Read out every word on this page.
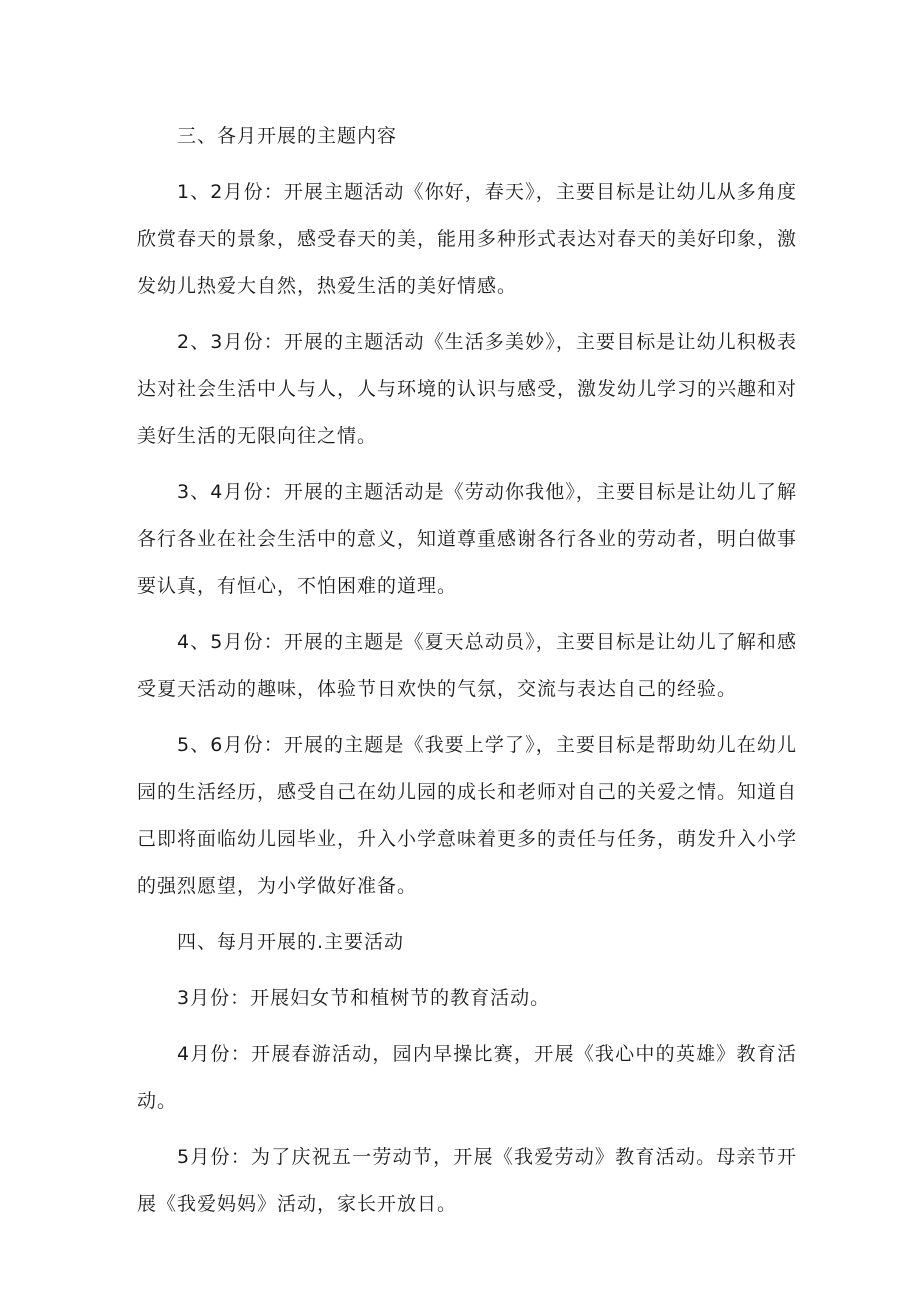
三、各月开展的主题内容

1、2月份：开展主题活动《你好，春天》，主要目标是让幼儿从多角度欣赏春天的景象，感受春天的美，能用多种形式表达对春天的美好印象，激发幼儿热爱大自然，热爱生活的美好情感。

2、3月份：开展的主题活动《生活多美妙》，主要目标是让幼儿积极表达对社会生活中人与人，人与环境的认识与感受，激发幼儿学习的兴趣和对美好生活的无限向往之情。

3、4月份：开展的主题活动是《劳动你我他》，主要目标是让幼儿了解各行各业在社会生活中的意义，知道尊重感谢各行各业的劳动者，明白做事要认真，有恒心，不怕困难的道理。

4、5月份：开展的主题是《夏天总动员》，主要目标是让幼儿了解和感受夏天活动的趣味，体验节日欢快的气氛，交流与表达自己的经验。

5、6月份：开展的主题是《我要上学了》，主要目标是帮助幼儿在幼儿园的生活经历，感受自己在幼儿园的成长和老师对自己的关爱之情。知道自己即将面临幼儿园毕业，升入小学意味着更多的责任与任务，萌发升入小学的强烈愿望，为小学做好准备。

四、每月开展的.主要活动

3月份：开展妇女节和植树节的教育活动。

4月份：开展春游活动，园内早操比赛，开展《我心中的英雄》教育活动。

5月份：为了庆祝五一劳动节，开展《我爱劳动》教育活动。母亲节开展《我爱妈妈》活动，家长开放日。
